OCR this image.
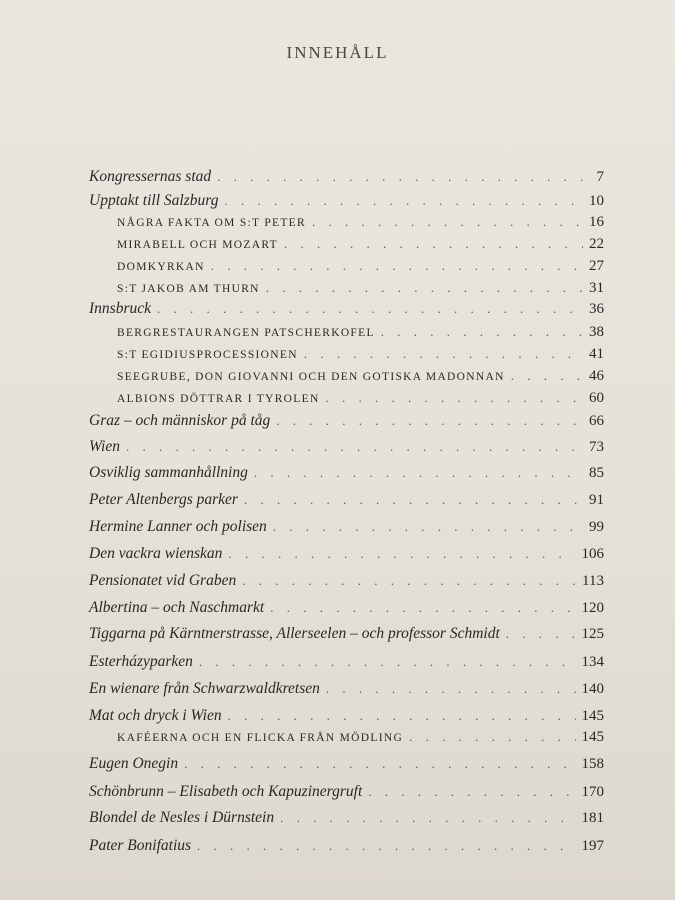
INNEHÅLL
Kongressernas stad . . .	7
Upptakt till Salzburg . . .	10
NÅGRA FAKTA OM S:T PETER . . .	16
MIRABELL OCH MOZART . . .	22
DOMKYRKAN . . .	27
S:T JAKOB AM THURN . . .	31
Innsbruck . . .	36
BERGRESTAURANGEN PATSCHERKOFEL . . .	38
S:T EGIDIUSPROCESSIONEN . . .	41
SEEGRUBE, DON GIOVANNI OCH DEN GOTISKA MADONNAN . . .	46
ALBIONS DÖTTRAR I TYROLEN . . .	60
Graz – och människor på tåg . . .	66
Wien . . .	73
Osviklig sammanhållning . . .	85
Peter Altenbergs parker . . .	91
Hermine Lanner och polisen . . .	99
Den vackra wienskan . . .	106
Pensionatet vid Graben . . .	113
Albertina – och Naschmarkt . . .	120
Tiggarna på Kärntnerstrasse, Allerseelen – och professor Schmidt . . .	125
Esterházyparken . . .	134
En wienare från Schwarzwaldkretsen . . .	140
Mat och dryck i Wien . . .	145
KAFÉERNA OCH EN FLICKA FRÅN MÖDLING . . .	145
Eugen Onegin . . .	158
Schönbrunn – Elisabeth och Kapuzinergruft . . .	170
Blondel de Nesles i Dürnstein . . .	181
Pater Bonifatius . . .	197
